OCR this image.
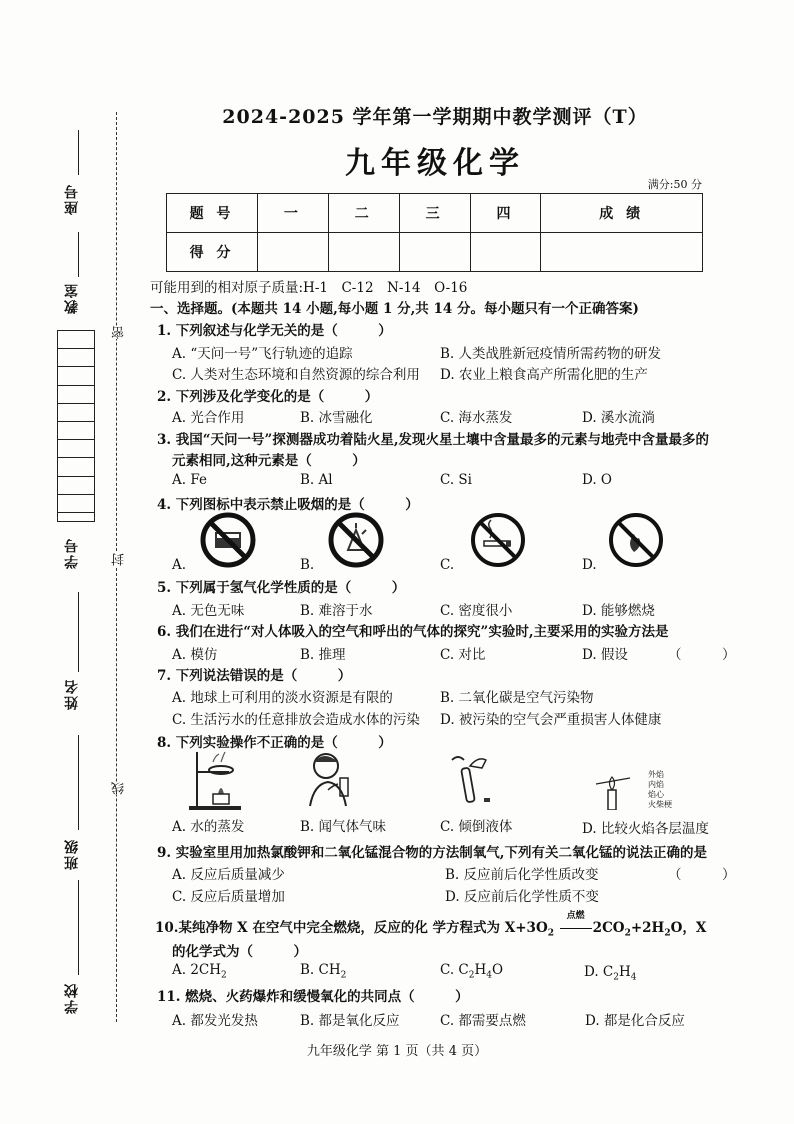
座号
教室
学号
姓名
班级
学校
密
封
线
2024-2025 学年第一学期期中教学测评（T）
九年级化学
满分:50 分
题 号	一	二	三	四	成 绩
得 分					
可能用到的相对原子质量:H-1　C-12　N-14　O-16
一、选择题。(本题共 14 小题,每小题 1 分,共 14 分。每小题只有一个正确答案)
1. 下列叙述与化学无关的是（　　　）
A. “天问一号”飞行轨迹的追踪	B. 人类战胜新冠疫情所需药物的研发
C. 人类对生态环境和自然资源的综合利用 D. 农业上粮食高产所需化肥的生产
2. 下列涉及化学变化的是（　　　）
A. 光合作用	B. 冰雪融化	C. 海水蒸发	D. 溪水流淌
3. 我国“天问一号”探测器成功着陆火星,发现火星土壤中含量最多的元素与地壳中含量最多的
元素相同,这种元素是（　　　）
A. Fe	B. Al	C. Si	D. O
4. 下列图标中表示禁止吸烟的是（　　　）
A.	B.	C.	D.
5. 下列属于氢气化学性质的是（　　　）
A. 无色无味	B. 难溶于水	C. 密度很小	D. 能够燃烧
6. 我们在进行“对人体吸入的空气和呼出的气体的探究”实验时,主要采用的实验方法是
A. 模仿	B. 推理	C. 对比	D. 假设	（　　　）
7. 下列说法错误的是（　　　）
A. 地球上可利用的淡水资源是有限的	B. 二氧化碳是空气污染物
C. 生活污水的任意排放会造成水体的污染 D. 被污染的空气会严重损害人体健康
8. 下列实验操作不正确的是（　　　）
外焰
内焰
焰心
火柴梗
A. 水的蒸发	B. 闻气体气味	C. 倾倒液体	D. 比较火焰各层温度
9. 实验室里用加热氯酸钾和二氧化锰混合物的方法制氧气,下列有关二氧化锰的说法正确的是
A. 反应后质量减少	B. 反应前后化学性质改变	（　　　）
C. 反应后质量增加	D. 反应前后化学性质不变
10.某纯净物 X 在空气中完全燃烧，反应的化 学方程式为 $X+3O_2$
点燃
$2CO_2+2H_2O$，X
的化学式为（　　　）
A. $2CH_2$	B. $CH_2$	C. $C_2H_4O$	D. $C_2H_4$
11. 燃烧、火药爆炸和缓慢氧化的共同点（　　　）
A. 都发光发热	B. 都是氧化反应	C. 都需要点燃	D. 都是化合反应
九年级化学 第 1 页（共 4 页）
